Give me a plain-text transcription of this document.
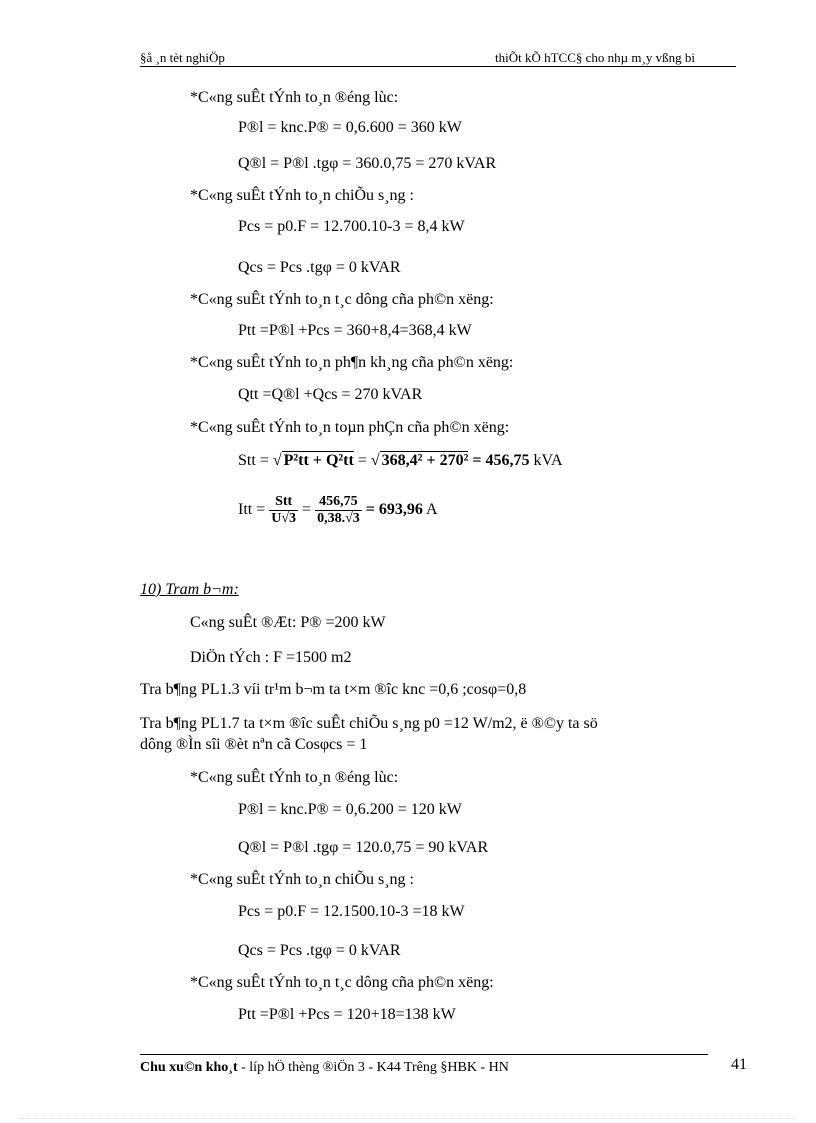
§å ¸n tèt nghiÖp	thiÕt kÕ hTCC§ cho nhµ m¸y vßng bi
*C«ng suÊt tÝnh to¸n ®éng lùc:
P®l = knc.P® = 0,6.600 = 360 kW
Q®l = P®l .tgφ = 360.0,75 = 270 kVAR
*C«ng suÊt tÝnh to¸n chiÕu s¸ng :
Pcs = p0.F = 12.700.10-3 = 8,4 kW
Qcs = Pcs .tgφ = 0 kVAR
*C«ng suÊt tÝnh to¸n t¸c dông cña ph©n xëng:
Ptt =P®l +Pcs = 360+8,4=368,4 kW
*C«ng suÊt tÝnh to¸n ph¶n kh¸ng cña ph©n xëng:
Qtt =Q®l +Qcs = 270 kVAR
*C«ng suÊt tÝnh to¸n toµn phÇn cña ph©n xëng:
Stt = √ P²tt + Q²tt = √ 368,4² + 270² = 456,75 kVA
Itt = $\frac{\text{Stt}}{U√3} = \frac{456,75}{0,38.√3} = 693,96$ A
10) Tram b¬m:
C«ng suÊt ®Æt: P® =200 kW
DiÖn tÝch : F =1500 m2
Tra b¶ng PL1.3 víi tr¹m b¬m ta t×m ®îc knc =0,6 ;cosφ=0,8
Tra b¶ng PL1.7 ta t×m ®îc suÊt chiÕu s¸ng p0 =12 W/m2, ë ®©y ta sö
dông ®Ìn sîi ®èt nªn cã Cosφcs = 1
*C«ng suÊt tÝnh to¸n ®éng lùc:
P®l = knc.P® = 0,6.200 = 120 kW
Q®l = P®l .tgφ = 120.0,75 = 90 kVAR
*C«ng suÊt tÝnh to¸n chiÕu s¸ng :
Pcs = p0.F = 12.1500.10-3 =18 kW
Qcs = Pcs .tgφ = 0 kVAR
*C«ng suÊt tÝnh to¸n t¸c dông cña ph©n xëng:
Ptt =P®l +Pcs = 120+18=138 kW
Chu xu©n kho¸t - líp hÖ thèng ®iÖn 3 - K44 Trêng §HBK - HN	41
